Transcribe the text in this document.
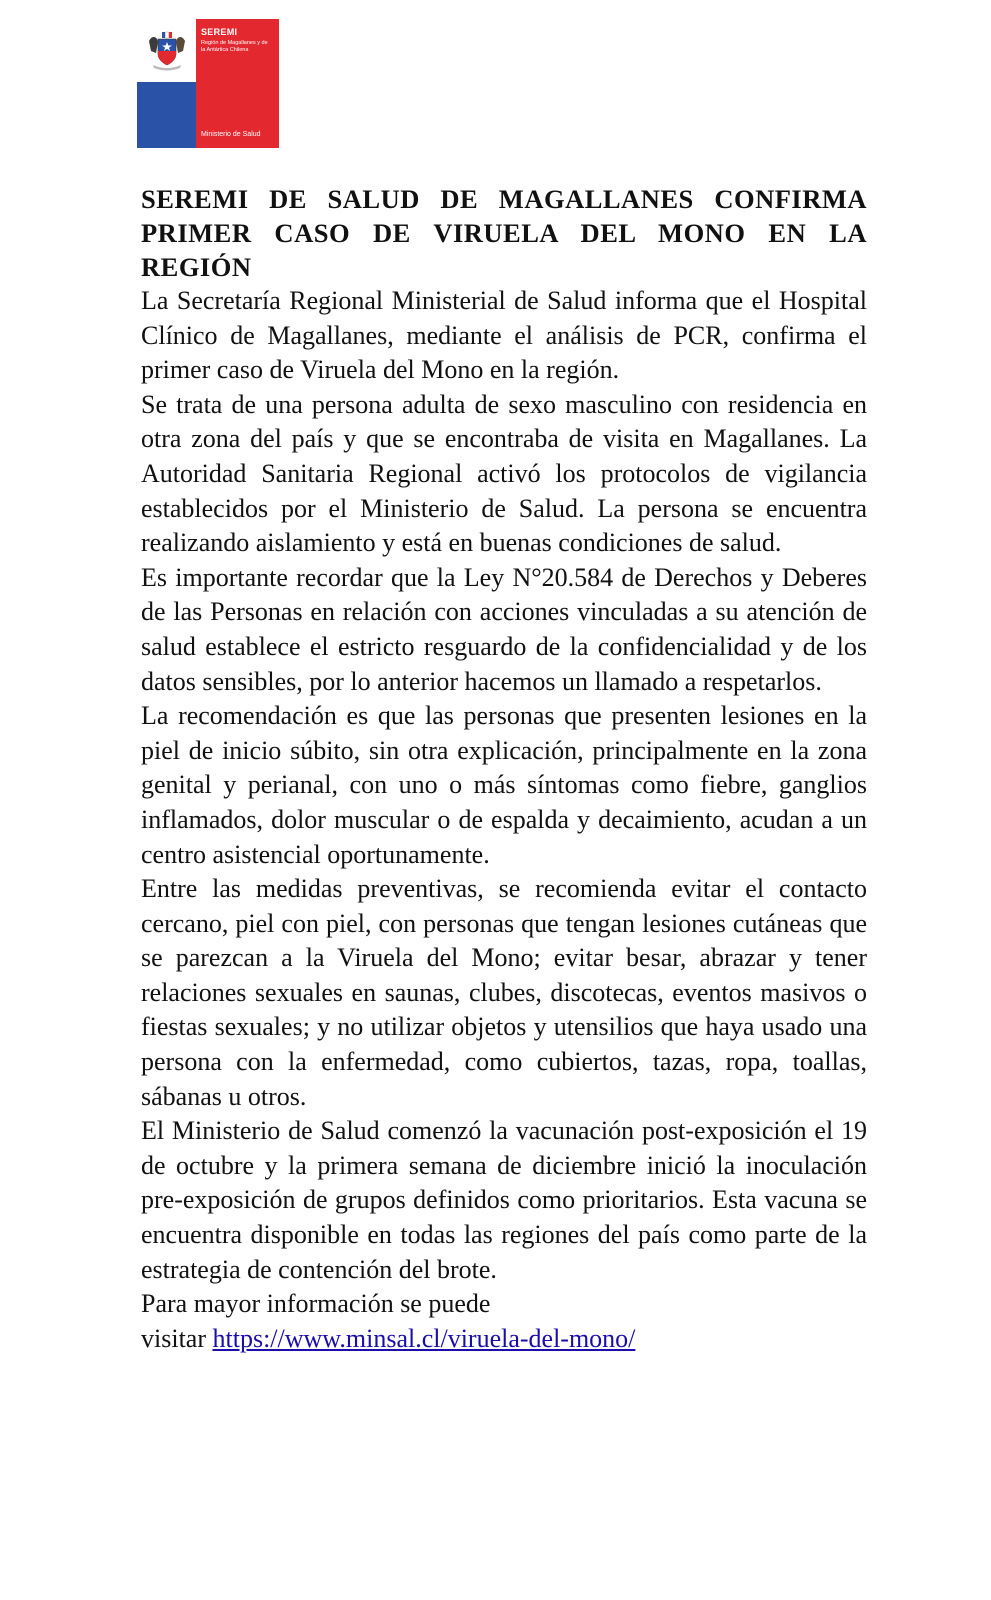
SEREMI
Región de Magallanes y de la Antártica Chilena
Ministerio de Salud
SEREMI DE SALUD DE MAGALLANES CONFIRMA PRIMER CASO DE VIRUELA DEL MONO EN LA REGIÓN

La Secretaría Regional Ministerial de Salud informa que el Hospital Clínico de Magallanes, mediante el análisis de PCR, confirma el primer caso de Viruela del Mono en la región.

Se trata de una persona adulta de sexo masculino con residencia en otra zona del país y que se encontraba de visita en Magallanes. La Autoridad Sanitaria Regional activó los protocolos de vigilancia establecidos por el Ministerio de Salud. La persona se encuentra realizando aislamiento y está en buenas condiciones de salud.

Es importante recordar que la Ley N°20.584 de Derechos y Deberes de las Personas en relación con acciones vinculadas a su atención de salud establece el estricto resguardo de la confidencialidad y de los datos sensibles, por lo anterior hacemos un llamado a respetarlos.

La recomendación es que las personas que presenten lesiones en la piel de inicio súbito, sin otra explicación, principalmente en la zona genital y perianal, con uno o más síntomas como fiebre, ganglios inflamados, dolor muscular o de espalda y decaimiento, acudan a un centro asistencial oportunamente.

Entre las medidas preventivas, se recomienda evitar el contacto cercano, piel con piel, con personas que tengan lesiones cutáneas que se parezcan a la Viruela del Mono; evitar besar, abrazar y tener relaciones sexuales en saunas, clubes, discotecas, eventos masivos o fiestas sexuales; y no utilizar objetos y utensilios que haya usado una persona con la enfermedad, como cubiertos, tazas, ropa, toallas, sábanas u otros.

El Ministerio de Salud comenzó la vacunación post-exposición el 19 de octubre y la primera semana de diciembre inició la inoculación pre-exposición de grupos definidos como prioritarios. Esta vacuna se encuentra disponible en todas las regiones del país como parte de la estrategia de contención del brote.

Para mayor información se puede

visitar https://www.minsal.cl/viruela-del-mono/
